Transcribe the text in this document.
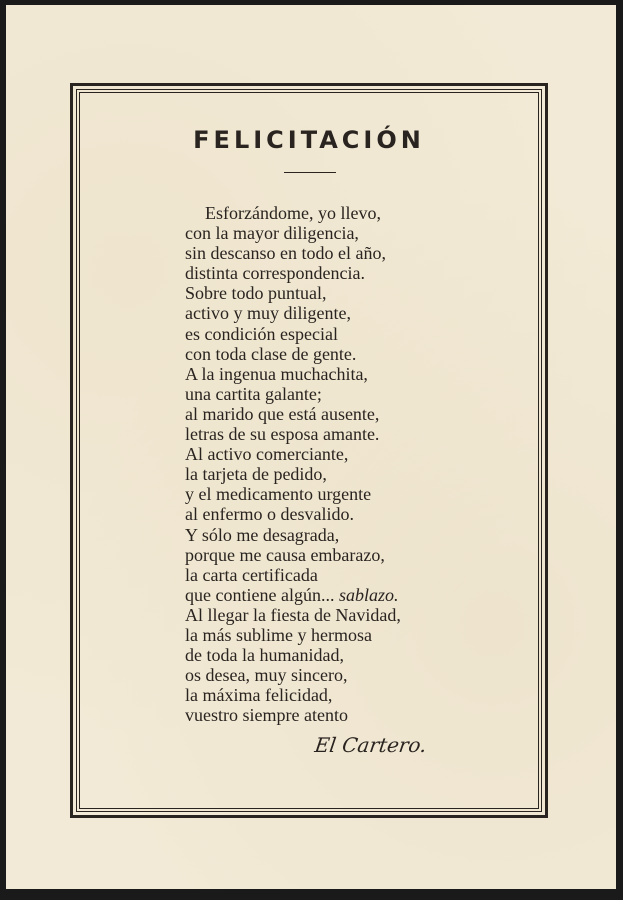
FELICITACIÓN
Esforzándome, yo llevo,
con la mayor diligencia,
sin descanso en todo el año,
distinta correspondencia.
Sobre todo puntual,
activo y muy diligente,
es condición especial
con toda clase de gente.
A la ingenua muchachita,
una cartita galante;
al marido que está ausente,
letras de su esposa amante.
Al activo comerciante,
la tarjeta de pedido,
y el medicamento urgente
al enfermo o desvalido.
Y sólo me desagrada,
porque me causa embarazo,
la carta certificada
que contiene algún... sablazo.
Al llegar la fiesta de Navidad,
la más sublime y hermosa
de toda la humanidad,
os desea, muy sincero,
la máxima felicidad,
vuestro siempre atento
El Cartero.
